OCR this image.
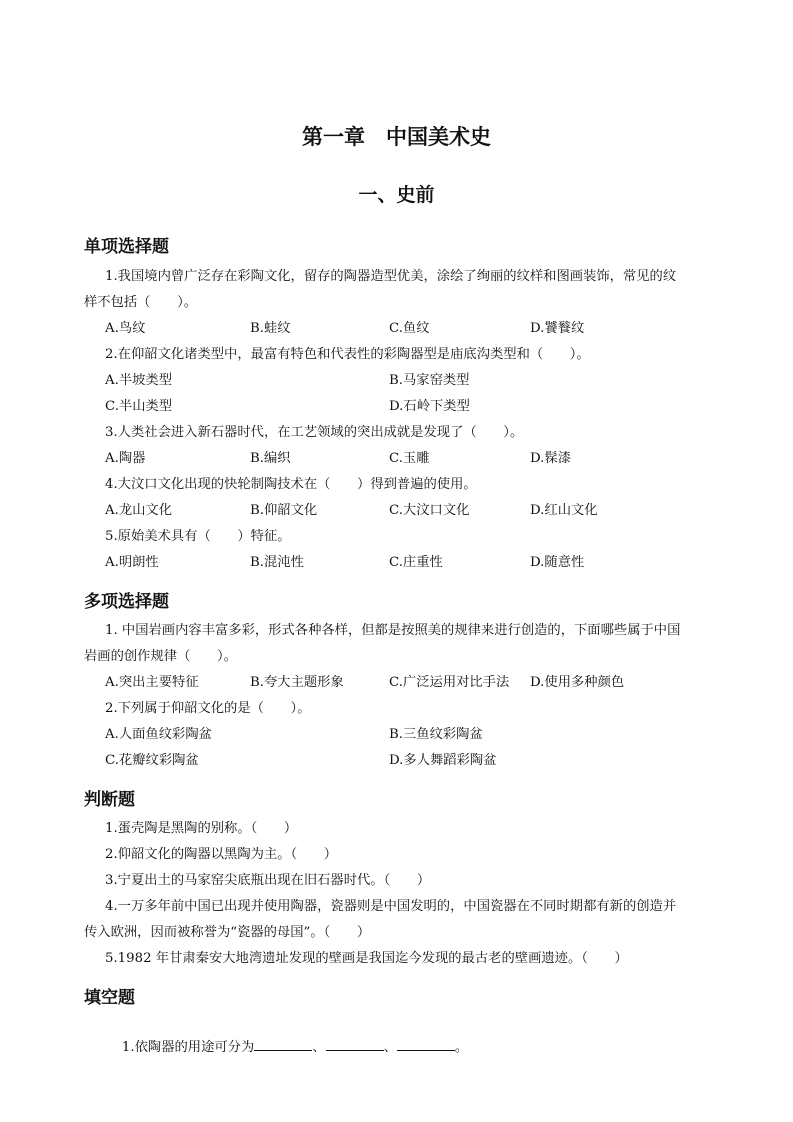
第一章　中国美术史
一、史前
单项选择题
1.我国境内曾广泛存在彩陶文化，留存的陶器造型优美，涂绘了绚丽的纹样和图画装饰，常见的纹
样不包括（　　）。
A.鸟纹	B.蛙纹	C.鱼纹	D.饕餮纹
2.在仰韶文化诸类型中，最富有特色和代表性的彩陶器型是庙底沟类型和（　　）。
A.半坡类型	B.马家窑类型
C.半山类型	D.石岭下类型
3.人类社会进入新石器时代，在工艺领域的突出成就是发现了（　　）。
A.陶器	B.编织	C.玉雕	D.髹漆
4.大汶口文化出现的快轮制陶技术在（　　）得到普遍的使用。
A.龙山文化	B.仰韶文化	C.大汶口文化	D.红山文化
5.原始美术具有（　　）特征。
A.明朗性	B.混沌性	C.庄重性	D.随意性
多项选择题
1. 中国岩画内容丰富多彩，形式各种各样，但都是按照美的规律来进行创造的，下面哪些属于中国
岩画的创作规律（　　）。
A.突出主要特征	B.夸大主题形象	C.广泛运用对比手法 D.使用多种颜色
2.下列属于仰韶文化的是（　　）。
A.人面鱼纹彩陶盆	B.三鱼纹彩陶盆
C.花瓣纹彩陶盆	D.多人舞蹈彩陶盆
判断题
1.蛋壳陶是黑陶的别称。（　　）
2.仰韶文化的陶器以黑陶为主。（　　）
3.宁夏出土的马家窑尖底瓶出现在旧石器时代。（　　）
4.一万多年前中国已出现并使用陶器，瓷器则是中国发明的，中国瓷器在不同时期都有新的创造并
传入欧洲，因而被称誉为“瓷器的母国”。（　　）
5.1982 年甘肃秦安大地湾遗址发现的壁画是我国迄今发现的最古老的壁画遗迹。（　　）
填空题

1.依陶器的用途可分为	、	、	。
